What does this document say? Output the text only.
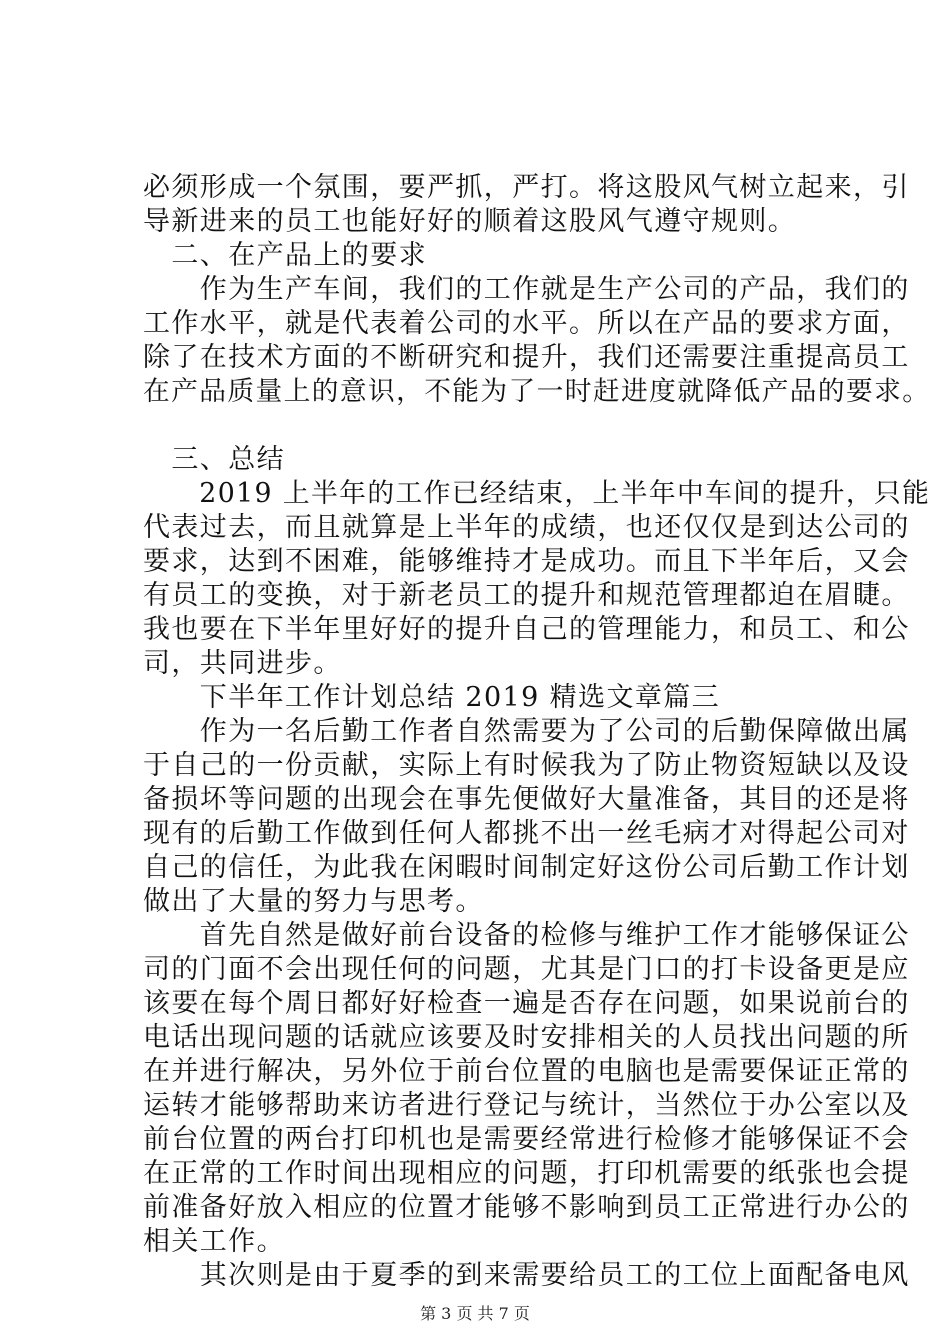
必须形成一个氛围，要严抓，严打。将这股风气树立起来，引
导新进来的员工也能好好的顺着这股风气遵守规则。
　二、在产品上的要求
　　作为生产车间，我们的工作就是生产公司的产品，我们的
工作水平，就是代表着公司的水平。所以在产品的要求方面，
除了在技术方面的不断研究和提升，我们还需要注重提高员工
在产品质量上的意识，不能为了一时赶进度就降低产品的要求。
　三、总结
　　2019 上半年的工作已经结束，上半年中车间的提升，只能
代表过去，而且就算是上半年的成绩，也还仅仅是到达公司的
要求，达到不困难，能够维持才是成功。而且下半年后，又会
有员工的变换，对于新老员工的提升和规范管理都迫在眉睫。
我也要在下半年里好好的提升自己的管理能力，和员工、和公
司，共同进步。
　　下半年工作计划总结 2019 精选文章篇三
　　作为一名后勤工作者自然需要为了公司的后勤保障做出属
于自己的一份贡献，实际上有时候我为了防止物资短缺以及设
备损坏等问题的出现会在事先便做好大量准备，其目的还是将
现有的后勤工作做到任何人都挑不出一丝毛病才对得起公司对
自己的信任，为此我在闲暇时间制定好这份公司后勤工作计划
做出了大量的努力与思考。
　　首先自然是做好前台设备的检修与维护工作才能够保证公
司的门面不会出现任何的问题，尤其是门口的打卡设备更是应
该要在每个周日都好好检查一遍是否存在问题，如果说前台的
电话出现问题的话就应该要及时安排相关的人员找出问题的所
在并进行解决，另外位于前台位置的电脑也是需要保证正常的
运转才能够帮助来访者进行登记与统计，当然位于办公室以及
前台位置的两台打印机也是需要经常进行检修才能够保证不会
在正常的工作时间出现相应的问题，打印机需要的纸张也会提
前准备好放入相应的位置才能够不影响到员工正常进行办公的
相关工作。
　　其次则是由于夏季的到来需要给员工的工位上面配备电风
第 3 页 共 7 页
